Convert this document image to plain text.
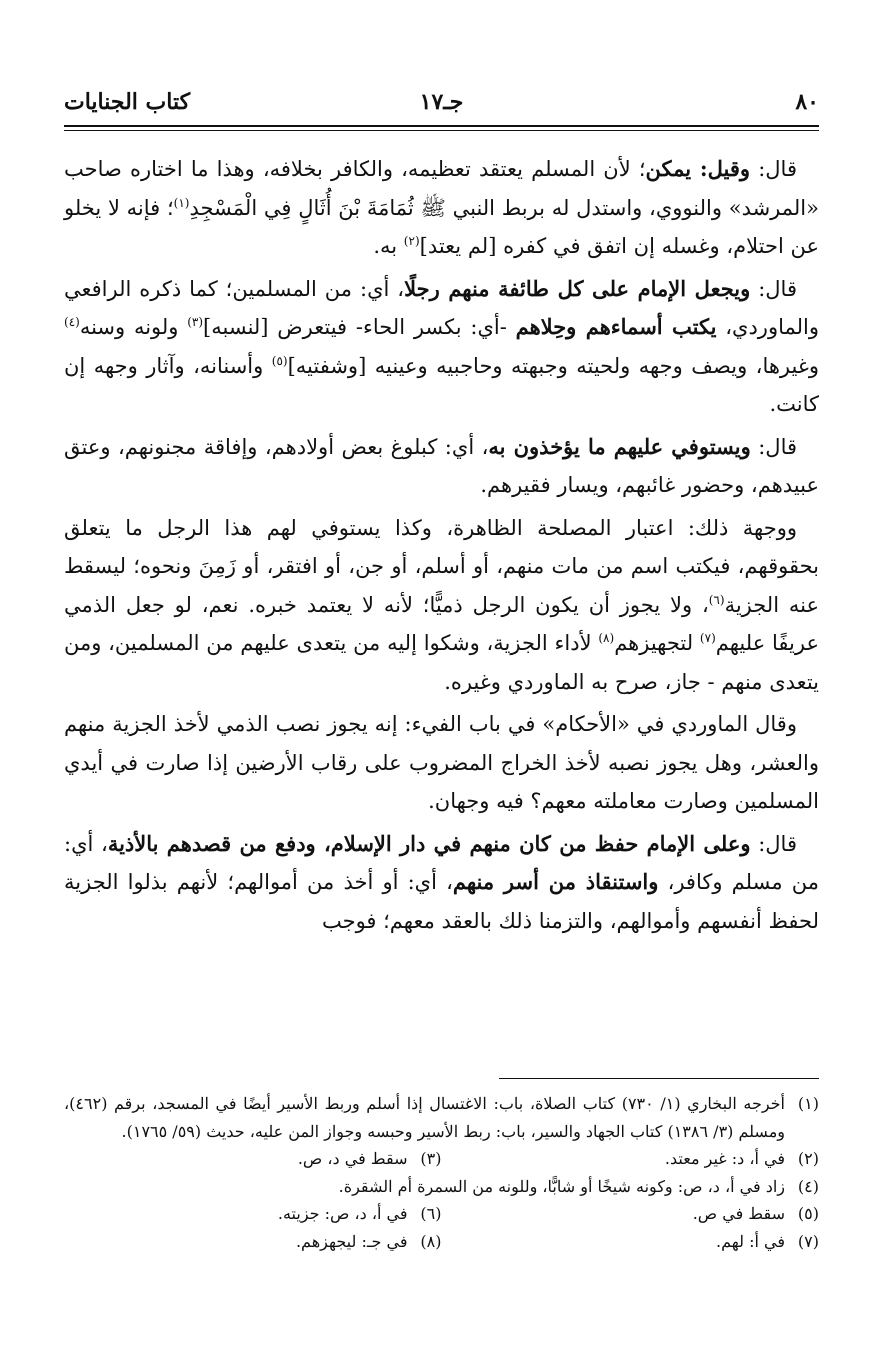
٨٠
جـ١٧
كتاب الجنايات

قال: وقيل: يمكن؛ لأن المسلم يعتقد تعظيمه، والكافر بخلافه، وهذا ما اختاره صاحب «المرشد» والنووي، واستدل له بربط النبي ﷺ ثُمَامَةَ بْنَ أُثَالٍ فِي الْمَسْجِدِ$^{(١)}$؛ فإنه لا يخلو عن احتلام، وغسله إن اتفق في كفره [لم يعتد]$^{(٢)}$ به.

قال: ويجعل الإمام على كل طائفة منهم رجلًا، أي: من المسلمين؛ كما ذكره الرافعي والماوردي، يكتب أسماءهم وحِلاهم -أي: بكسر الحاء- فيتعرض [لنسبه]$^{(٣)}$ ولونه وسنه$^{(٤)}$ وغيرها، ويصف وجهه ولحيته وجبهته وحاجبيه وعينيه [وشفتيه]$^{(٥)}$ وأسنانه، وآثار وجهه إن كانت.

قال: ويستوفي عليهم ما يؤخذون به، أي: كبلوغ بعض أولادهم، وإفاقة مجنونهم، وعتق عبيدهم، وحضور غائبهم، ويسار فقيرهم.

ووجهة ذلك: اعتبار المصلحة الظاهرة، وكذا يستوفي لهم هذا الرجل ما يتعلق بحقوقهم، فيكتب اسم من مات منهم، أو أسلم، أو جن، أو افتقر، أو زَمِنَ ونحوه؛ ليسقط عنه الجزية$^{(٦)}$، ولا يجوز أن يكون الرجل ذميًّا؛ لأنه لا يعتمد خبره. نعم، لو جعل الذمي عريفًا عليهم$^{(٧)}$ لتجهيزهم$^{(٨)}$ لأداء الجزية، وشكوا إليه من يتعدى عليهم من المسلمين، ومن يتعدى منهم - جاز، صرح به الماوردي وغيره.

وقال الماوردي في «الأحكام» في باب الفيء: إنه يجوز نصب الذمي لأخذ الجزية منهم والعشر، وهل يجوز نصبه لأخذ الخراج المضروب على رقاب الأرضين إذا صارت في أيدي المسلمين وصارت معاملته معهم؟ فيه وجهان.

قال: وعلى الإمام حفظ من كان منهم في دار الإسلام، ودفع من قصدهم بالأذية، أي: من مسلم وكافر، واستنقاذ من أسر منهم، أي: أو أخذ من أموالهم؛ لأنهم بذلوا الجزية لحفظ أنفسهم وأموالهم، والتزمنا ذلك بالعقد معهم؛ فوجب

(١)
أخرجه البخاري (١/ ٧٣٠) كتاب الصلاة، باب: الاغتسال إذا أسلم وربط الأسير أيضًا في المسجد، برقم (٤٦٢)، ومسلم (٣/ ١٣٨٦) كتاب الجهاد والسير، باب: ربط الأسير وحبسه وجواز المن عليه، حديث (٥٩/ ١٧٦٥).
(٢)
في أ، د: غير معتد.
(٣)
سقط في د، ص.
(٤)
زاد في أ، د، ص: وكونه شيخًا أو شابًّا، وللونه من السمرة أم الشقرة.
(٥)
سقط في ص.
(٦)
في أ، د، ص: جزيته.
(٧)
في أ: لهم.
(٨)
في جـ: ليجهزهم.
